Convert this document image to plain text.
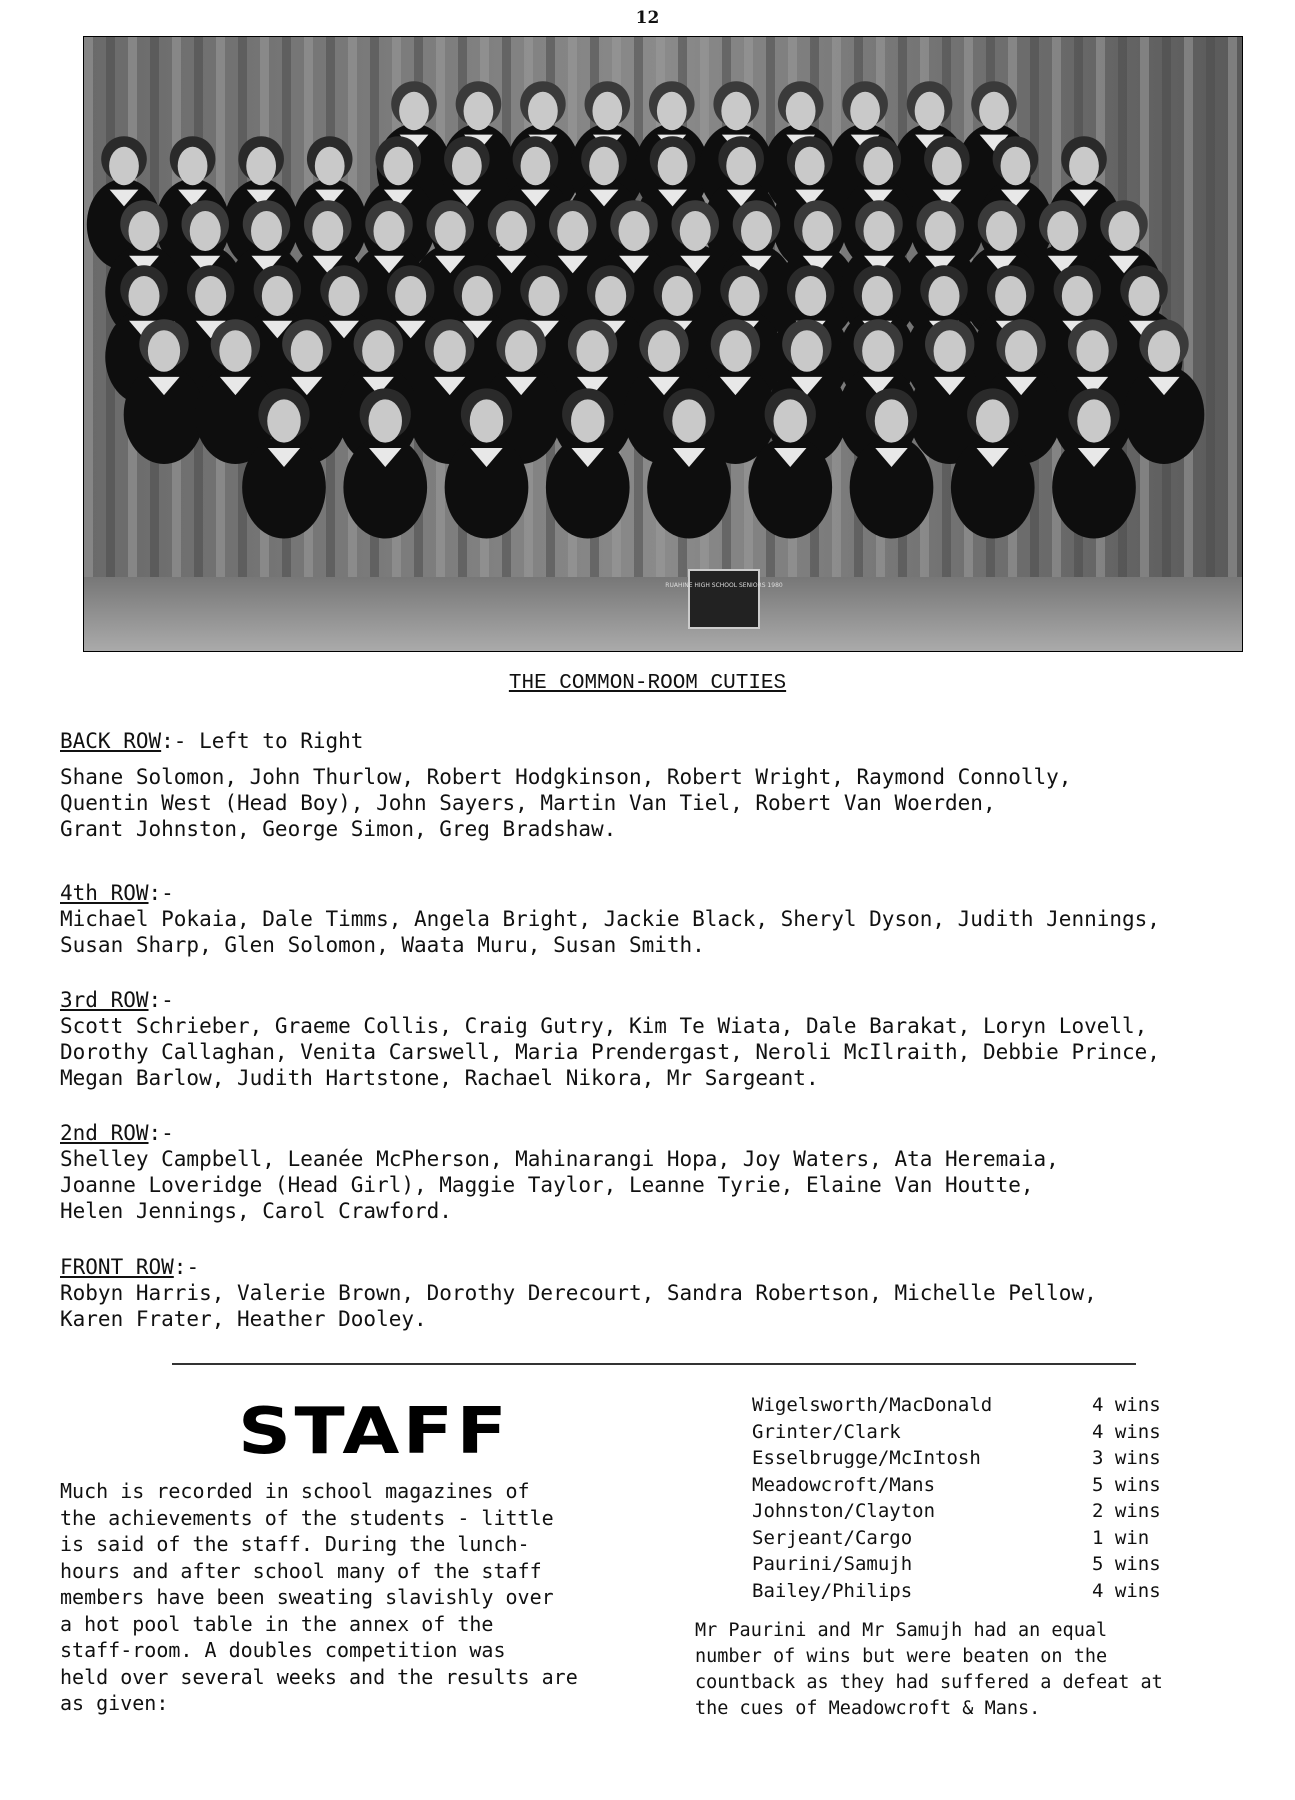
12
RUAHINE HIGH SCHOOL SENIORS 1980
THE COMMON-ROOM CUTIES
BACK ROW:- Left to Right

Shane Solomon, John Thurlow, Robert Hodgkinson, Robert Wright, Raymond Connolly,
Quentin West (Head Boy), John Sayers, Martin Van Tiel, Robert Van Woerden,
Grant Johnston, George Simon, Greg Bradshaw.

4th ROW:-

Michael Pokaia, Dale Timms, Angela Bright, Jackie Black, Sheryl Dyson, Judith Jennings,
Susan Sharp, Glen Solomon, Waata Muru, Susan Smith.

3rd ROW:-

Scott Schrieber, Graeme Collis, Craig Gutry, Kim Te Wiata, Dale Barakat, Loryn Lovell,
Dorothy Callaghan, Venita Carswell, Maria Prendergast, Neroli McIlraith, Debbie Prince,
Megan Barlow, Judith Hartstone, Rachael Nikora, Mr Sargeant.

2nd ROW:-

Shelley Campbell, Leanée McPherson, Mahinarangi Hopa, Joy Waters, Ata Heremaia,
Joanne Loveridge (Head Girl), Maggie Taylor, Leanne Tyrie, Elaine Van Houtte,
Helen Jennings, Carol Crawford.

FRONT ROW:-

Robyn Harris, Valerie Brown, Dorothy Derecourt, Sandra Robertson, Michelle Pellow,
Karen Frater, Heather Dooley.

STAFF

Much is recorded in school magazines of
the achievements of the students - little
is said of the staff. During the lunch-
hours and after school many of the staff
members have been sweating slavishly over
a hot pool table in the annex of the
staff-room. A doubles competition was
held over several weeks and the results are
as given:

Wigelsworth/MacDonald	4 wins
Grinter/Clark	4 wins
Esselbrugge/McIntosh	3 wins
Meadowcroft/Mans	5 wins
Johnston/Clayton	2 wins
Serjeant/Cargo	1 win
Paurini/Samujh	5 wins
Bailey/Philips	4 wins

Mr Paurini and Mr Samujh had an equal
number of wins but were beaten on the
countback as they had suffered a defeat at
the cues of Meadowcroft & Mans.
